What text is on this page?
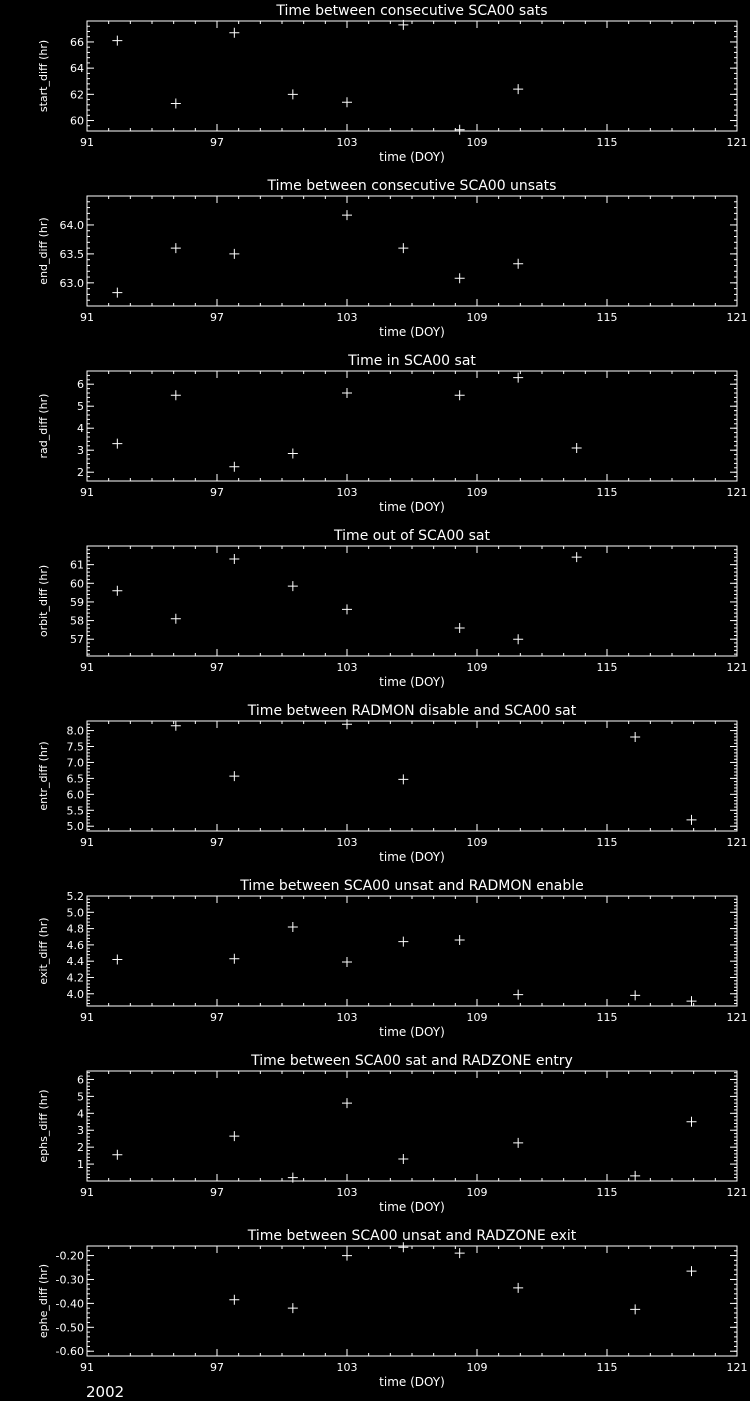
Time between consecutive SCA00 sats
91	97	103	109	115	121
60
62
64
66
time (DOY)
start_diff (hr)
Time between consecutive SCA00 unsats
91	97	103	109	115	121
63.0
63.5
64.0
time (DOY)
end_diff (hr)
Time in SCA00 sat
91	97	103	109	115	121
2
3
4
5
6
time (DOY)
rad_diff (hr)
Time out of SCA00 sat
91	97	103	109	115	121
57
58
59
60
61
time (DOY)
orbit_diff (hr)
Time between RADMON disable and SCA00 sat
91	97	103	109	115	121
5.0
5.5
6.0
6.5
7.0
7.5
8.0
time (DOY)
entr_diff (hr)
Time between SCA00 unsat and RADMON enable
91	97	103	109	115	121
4.0
4.2
4.4
4.6
4.8
5.0
5.2
time (DOY)
exit_diff (hr)
Time between SCA00 sat and RADZONE entry
91	97	103	109	115	121
1
2
3
4
5
6
time (DOY)
ephs_diff (hr)
Time between SCA00 unsat and RADZONE exit
91	97	103	109	115	121
-0.20
-0.30
-0.40
-0.50
-0.60
time (DOY)
ephe_diff (hr)
2002
